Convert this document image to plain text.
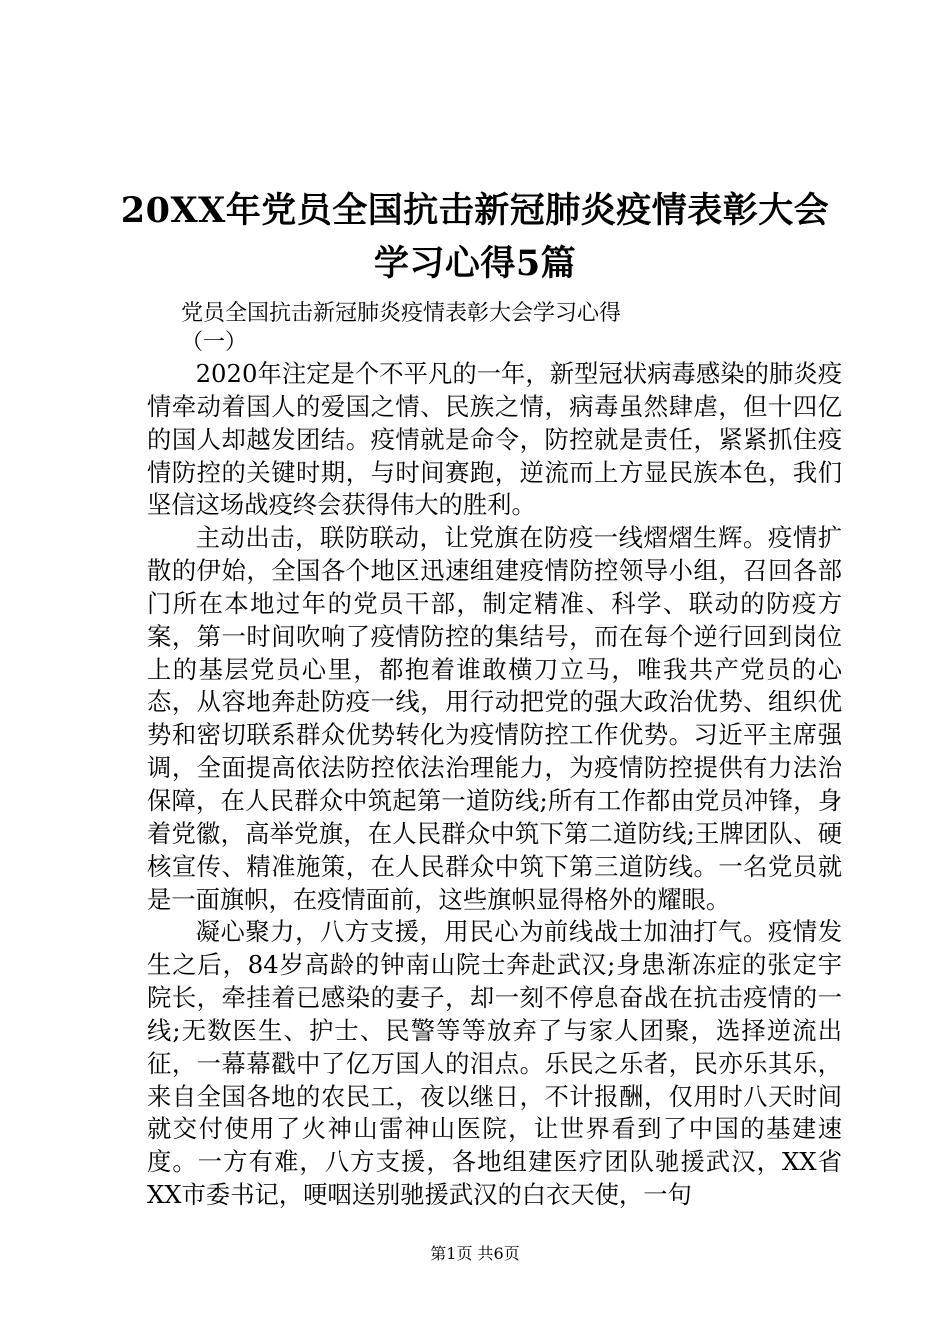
20XX年党员全国抗击新冠肺炎疫情表彰大会
学习心得5篇
党员全国抗击新冠肺炎疫情表彰大会学习心得
（一）

2020年注定是个不平凡的一年，新型冠状病毒感染的肺炎疫情牵动着国人的爱国之情、民族之情，病毒虽然肆虐，但十四亿的国人却越发团结。疫情就是命令，防控就是责任，紧紧抓住疫情防控的关键时期，与时间赛跑，逆流而上方显民族本色，我们坚信这场战疫终会获得伟大的胜利。

主动出击，联防联动，让党旗在防疫一线熠熠生辉。疫情扩散的伊始，全国各个地区迅速组建疫情防控领导小组，召回各部门所在本地过年的党员干部，制定精准、科学、联动的防疫方案，第一时间吹响了疫情防控的集结号，而在每个逆行回到岗位上的基层党员心里，都抱着谁敢横刀立马，唯我共产党员的心态，从容地奔赴防疫一线，用行动把党的强大政治优势、组织优势和密切联系群众优势转化为疫情防控工作优势。习近平主席强调，全面提高依法防控依法治理能力，为疫情防控提供有力法治保障，在人民群众中筑起第一道防线;所有工作都由党员冲锋，身着党徽，高举党旗，在人民群众中筑下第二道防线;王牌团队、硬核宣传、精准施策，在人民群众中筑下第三道防线。一名党员就是一面旗帜，在疫情面前，这些旗帜显得格外的耀眼。

凝心聚力，八方支援，用民心为前线战士加油打气。疫情发生之后，84岁高龄的钟南山院士奔赴武汉;身患渐冻症的张定宇院长，牵挂着已感染的妻子，却一刻不停息奋战在抗击疫情的一线;无数医生、护士、民警等等放弃了与家人团聚，选择逆流出征，一幕幕戳中了亿万国人的泪点。乐民之乐者，民亦乐其乐，来自全国各地的农民工，夜以继日，不计报酬，仅用时八天时间就交付使用了火神山雷神山医院，让世界看到了中国的基建速度。一方有难，八方支援，各地组建医疗团队驰援武汉，XX省XX市委书记，哽咽送别驰援武汉的白衣天使，一句

第1页 共6页
